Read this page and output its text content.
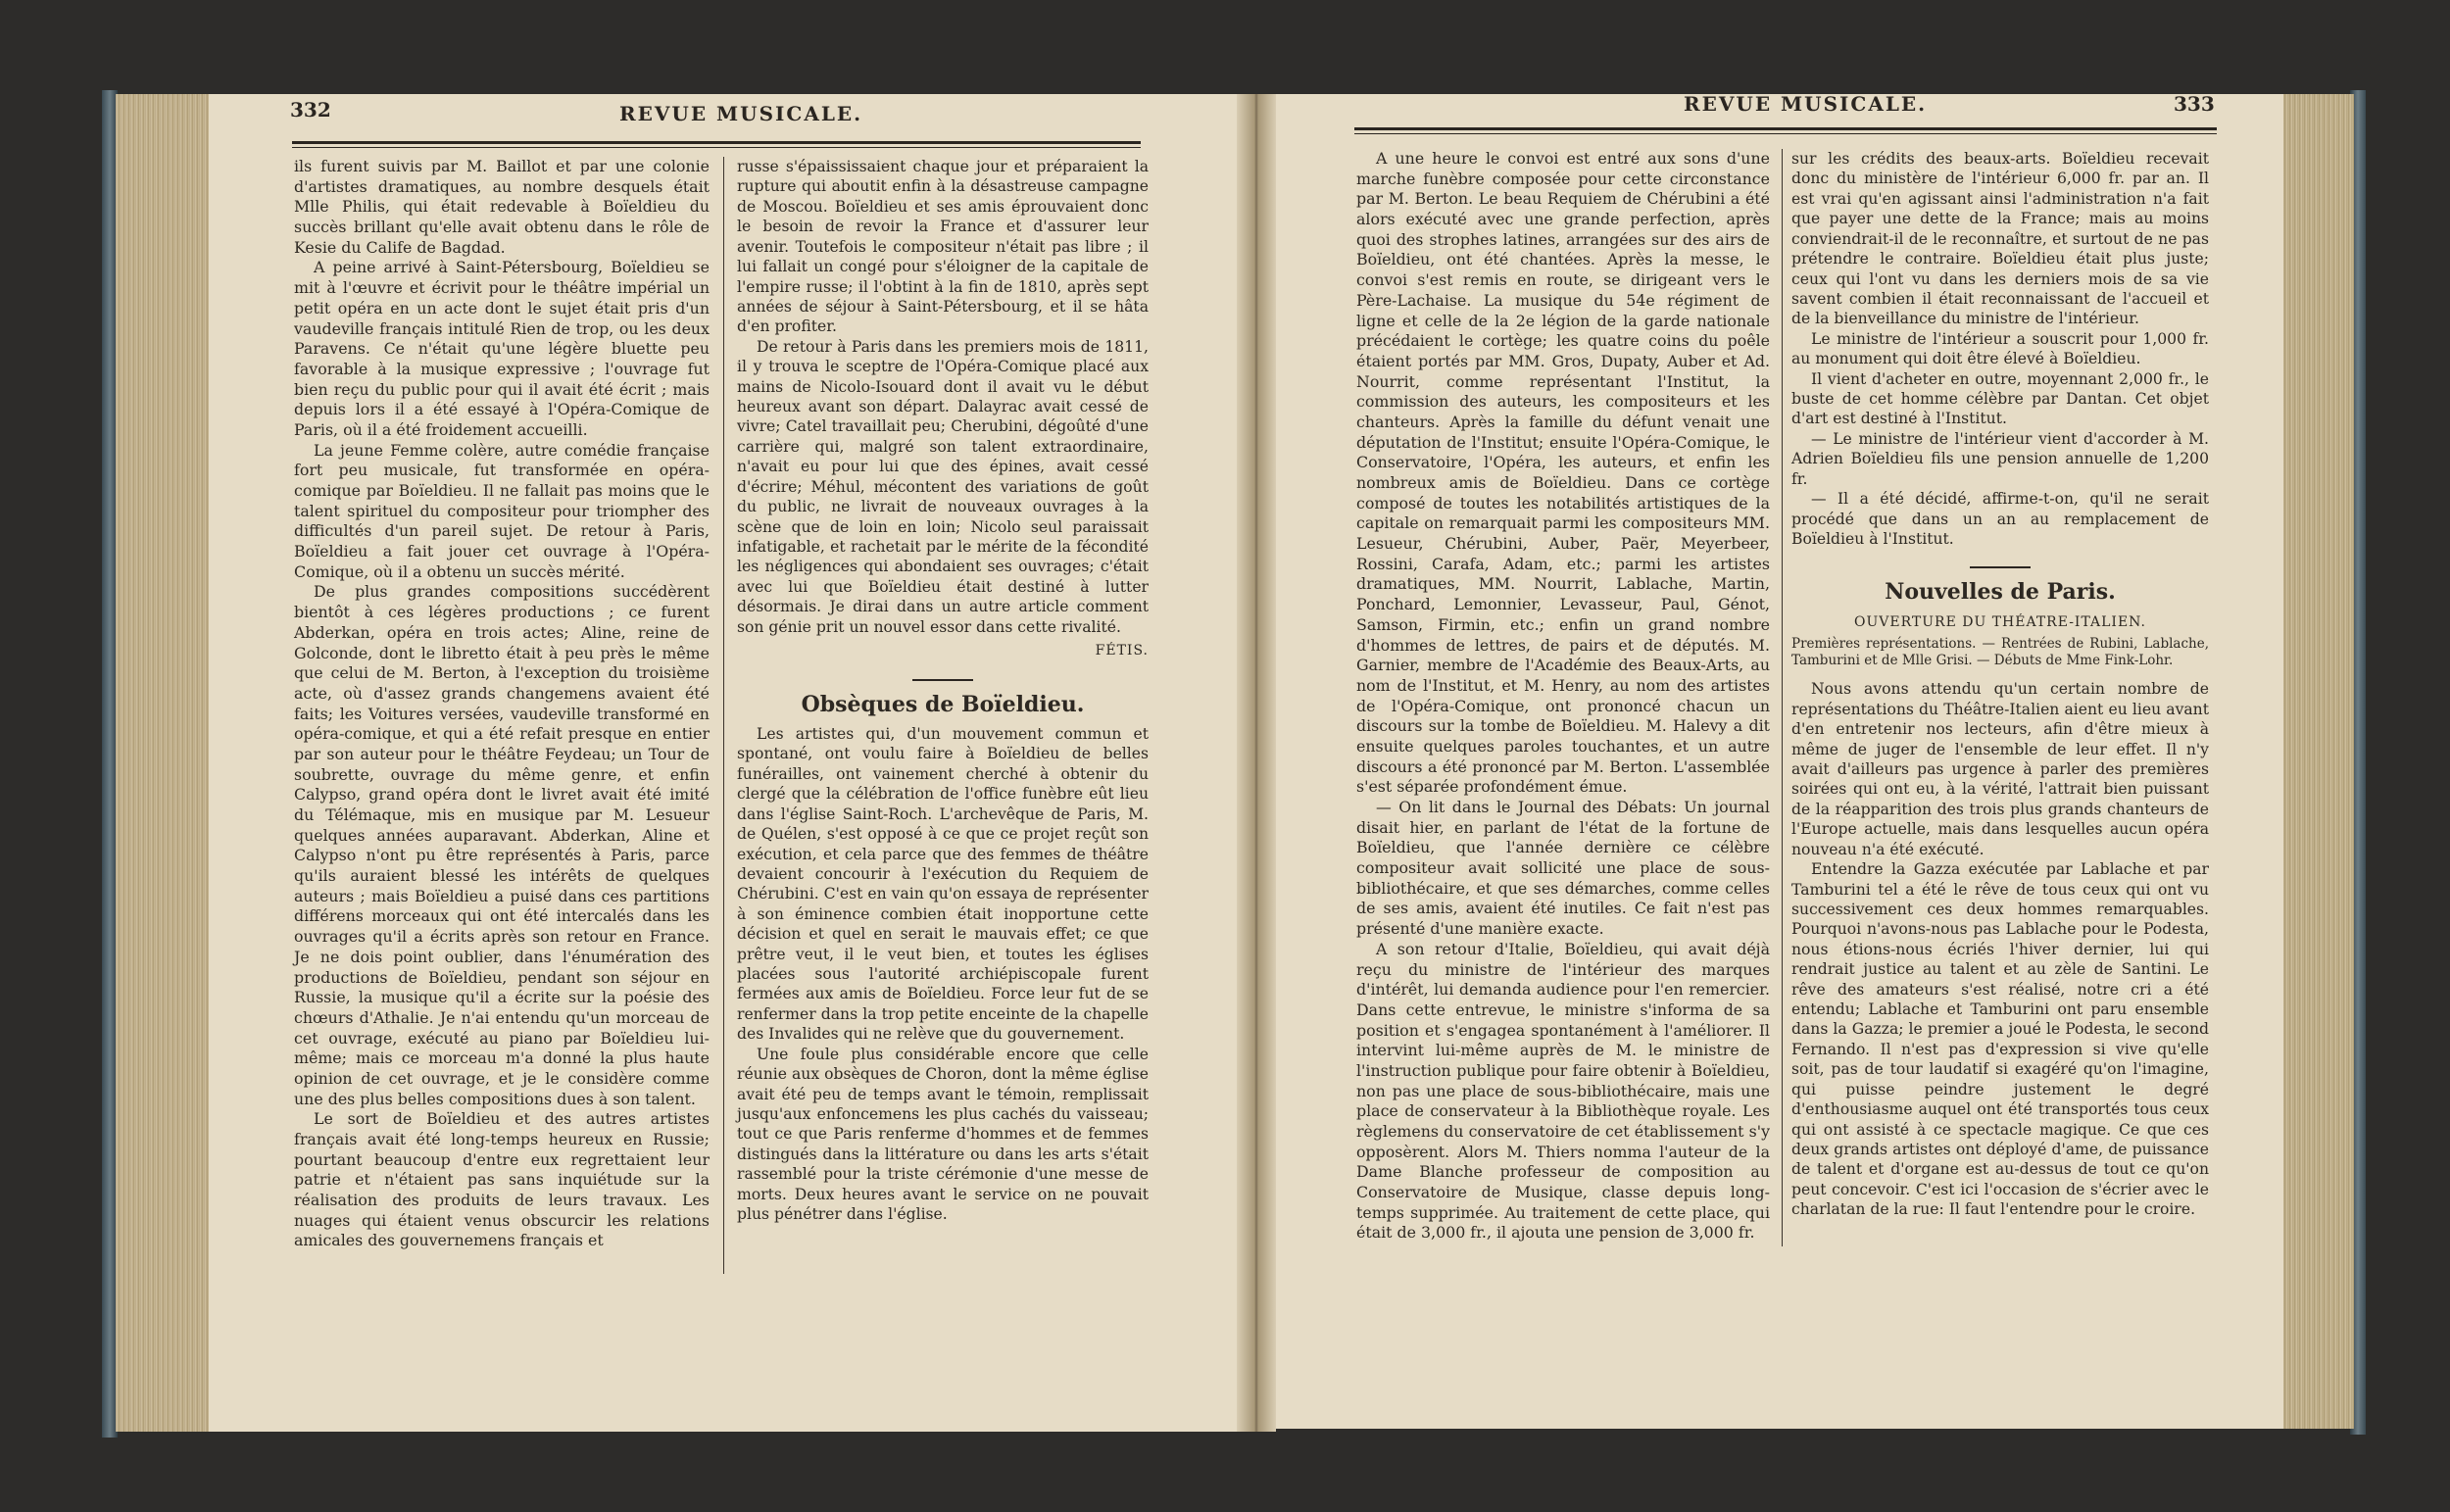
332	REVUE MUSICALE.

ils furent suivis par M. Baillot et par une colonie d'artistes dramatiques, au nombre desquels était Mlle Philis, qui était redevable à Boïeldieu du succès brillant qu'elle avait obtenu dans le rôle de Kesie du Calife de Bagdad.

A peine arrivé à Saint-Pétersbourg, Boïeldieu se mit à l'œuvre et écrivit pour le théâtre impérial un petit opéra en un acte dont le sujet était pris d'un vaudeville français intitulé Rien de trop, ou les deux Paravens. Ce n'était qu'une légère bluette peu favorable à la musique expressive ; l'ouvrage fut bien reçu du public pour qui il avait été écrit ; mais depuis lors il a été essayé à l'Opéra-Comique de Paris, où il a été froidement accueilli.

La jeune Femme colère, autre comédie française fort peu musicale, fut transformée en opéra-comique par Boïeldieu. Il ne fallait pas moins que le talent spirituel du compositeur pour triompher des difficultés d'un pareil sujet. De retour à Paris, Boïeldieu a fait jouer cet ouvrage à l'Opéra-Comique, où il a obtenu un succès mérité.

De plus grandes compositions succédèrent bientôt à ces légères productions ; ce furent Abderkan, opéra en trois actes; Aline, reine de Golconde, dont le libretto était à peu près le même que celui de M. Berton, à l'exception du troisième acte, où d'assez grands changemens avaient été faits; les Voitures versées, vaudeville transformé en opéra-comique, et qui a été refait presque en entier par son auteur pour le théâtre Feydeau; un Tour de soubrette, ouvrage du même genre, et enfin Calypso, grand opéra dont le livret avait été imité du Télémaque, mis en musique par M. Lesueur quelques années auparavant. Abderkan, Aline et Calypso n'ont pu être représentés à Paris, parce qu'ils auraient blessé les intérêts de quelques auteurs ; mais Boïeldieu a puisé dans ces partitions différens morceaux qui ont été intercalés dans les ouvrages qu'il a écrits après son retour en France. Je ne dois point oublier, dans l'énumération des productions de Boïeldieu, pendant son séjour en Russie, la musique qu'il a écrite sur la poésie des chœurs d'Athalie. Je n'ai entendu qu'un morceau de cet ouvrage, exécuté au piano par Boïeldieu lui-même; mais ce morceau m'a donné la plus haute opinion de cet ouvrage, et je le considère comme une des plus belles compositions dues à son talent.

Le sort de Boïeldieu et des autres artistes français avait été long-temps heureux en Russie; pourtant beaucoup d'entre eux regrettaient leur patrie et n'étaient pas sans inquiétude sur la réalisation des produits de leurs travaux. Les nuages qui étaient venus obscurcir les relations amicales des gouvernemens français et

russe s'épaississaient chaque jour et préparaient la rupture qui aboutit enfin à la désastreuse campagne de Moscou. Boïeldieu et ses amis éprouvaient donc le besoin de revoir la France et d'assurer leur avenir. Toutefois le compositeur n'était pas libre ; il lui fallait un congé pour s'éloigner de la capitale de l'empire russe; il l'obtint à la fin de 1810, après sept années de séjour à Saint-Pétersbourg, et il se hâta d'en profiter.

De retour à Paris dans les premiers mois de 1811, il y trouva le sceptre de l'Opéra-Comique placé aux mains de Nicolo-Isouard dont il avait vu le début heureux avant son départ. Dalayrac avait cessé de vivre; Catel travaillait peu; Cherubini, dégoûté d'une carrière qui, malgré son talent extraordinaire, n'avait eu pour lui que des épines, avait cessé d'écrire; Méhul, mécontent des variations de goût du public, ne livrait de nouveaux ouvrages à la scène que de loin en loin; Nicolo seul paraissait infatigable, et rachetait par le mérite de la fécondité les négligences qui abondaient ses ouvrages; c'était avec lui que Boïeldieu était destiné à lutter désormais. Je dirai dans un autre article comment son génie prit un nouvel essor dans cette rivalité.

FÉTIS.

Obsèques de Boïeldieu.

Les artistes qui, d'un mouvement commun et spontané, ont voulu faire à Boïeldieu de belles funérailles, ont vainement cherché à obtenir du clergé que la célébration de l'office funèbre eût lieu dans l'église Saint-Roch. L'archevêque de Paris, M. de Quélen, s'est opposé à ce que ce projet reçût son exécution, et cela parce que des femmes de théâtre devaient concourir à l'exécution du Requiem de Chérubini. C'est en vain qu'on essaya de représenter à son éminence combien était inopportune cette décision et quel en serait le mauvais effet; ce que prêtre veut, il le veut bien, et toutes les églises placées sous l'autorité archiépiscopale furent fermées aux amis de Boïeldieu. Force leur fut de se renfermer dans la trop petite enceinte de la chapelle des Invalides qui ne relève que du gouvernement.

Une foule plus considérable encore que celle réunie aux obsèques de Choron, dont la même église avait été peu de temps avant le témoin, remplissait jusqu'aux enfoncemens les plus cachés du vaisseau; tout ce que Paris renferme d'hommes et de femmes distingués dans la littérature ou dans les arts s'était rassemblé pour la triste cérémonie d'une messe de morts. Deux heures avant le service on ne pouvait plus pénétrer dans l'église.

REVUE MUSICALE.	333

A une heure le convoi est entré aux sons d'une marche funèbre composée pour cette circonstance par M. Berton. Le beau Requiem de Chérubini a été alors exécuté avec une grande perfection, après quoi des strophes latines, arrangées sur des airs de Boïeldieu, ont été chantées. Après la messe, le convoi s'est remis en route, se dirigeant vers le Père-Lachaise. La musique du 54e régiment de ligne et celle de la 2e légion de la garde nationale précédaient le cortège; les quatre coins du poêle étaient portés par MM. Gros, Dupaty, Auber et Ad. Nourrit, comme représentant l'Institut, la commission des auteurs, les compositeurs et les chanteurs. Après la famille du défunt venait une députation de l'Institut; ensuite l'Opéra-Comique, le Conservatoire, l'Opéra, les auteurs, et enfin les nombreux amis de Boïeldieu. Dans ce cortège composé de toutes les notabilités artistiques de la capitale on remarquait parmi les compositeurs MM. Lesueur, Chérubini, Auber, Paër, Meyerbeer, Rossini, Carafa, Adam, etc.; parmi les artistes dramatiques, MM. Nourrit, Lablache, Martin, Ponchard, Lemonnier, Levasseur, Paul, Génot, Samson, Firmin, etc.; enfin un grand nombre d'hommes de lettres, de pairs et de députés. M. Garnier, membre de l'Académie des Beaux-Arts, au nom de l'Institut, et M. Henry, au nom des artistes de l'Opéra-Comique, ont prononcé chacun un discours sur la tombe de Boïeldieu. M. Halevy a dit ensuite quelques paroles touchantes, et un autre discours a été prononcé par M. Berton. L'assemblée s'est séparée profondément émue.

— On lit dans le Journal des Débats: Un journal disait hier, en parlant de l'état de la fortune de Boïeldieu, que l'année dernière ce célèbre compositeur avait sollicité une place de sous-bibliothécaire, et que ses démarches, comme celles de ses amis, avaient été inutiles. Ce fait n'est pas présenté d'une manière exacte.

A son retour d'Italie, Boïeldieu, qui avait déjà reçu du ministre de l'intérieur des marques d'intérêt, lui demanda audience pour l'en remercier. Dans cette entrevue, le ministre s'informa de sa position et s'engagea spontanément à l'améliorer. Il intervint lui-même auprès de M. le ministre de l'instruction publique pour faire obtenir à Boïeldieu, non pas une place de sous-bibliothécaire, mais une place de conservateur à la Bibliothèque royale. Les règlemens du conservatoire de cet établissement s'y opposèrent. Alors M. Thiers nomma l'auteur de la Dame Blanche professeur de composition au Conservatoire de Musique, classe depuis long-temps supprimée. Au traitement de cette place, qui était de 3,000 fr., il ajouta une pension de 3,000 fr.

sur les crédits des beaux-arts. Boïeldieu recevait donc du ministère de l'intérieur 6,000 fr. par an. Il est vrai qu'en agissant ainsi l'administration n'a fait que payer une dette de la France; mais au moins conviendrait-il de le reconnaître, et surtout de ne pas prétendre le contraire. Boïeldieu était plus juste; ceux qui l'ont vu dans les derniers mois de sa vie savent combien il était reconnaissant de l'accueil et de la bienveillance du ministre de l'intérieur.

Le ministre de l'intérieur a souscrit pour 1,000 fr. au monument qui doit être élevé à Boïeldieu.

Il vient d'acheter en outre, moyennant 2,000 fr., le buste de cet homme célèbre par Dantan. Cet objet d'art est destiné à l'Institut.

— Le ministre de l'intérieur vient d'accorder à M. Adrien Boïeldieu fils une pension annuelle de 1,200 fr.

— Il a été décidé, affirme-t-on, qu'il ne serait procédé que dans un an au remplacement de Boïeldieu à l'Institut.

Nouvelles de Paris.
OUVERTURE DU THÉATRE-ITALIEN.

Premières représentations. — Rentrées de Rubini, Lablache, Tamburini et de Mlle Grisi. — Débuts de Mme Fink-Lohr.

Nous avons attendu qu'un certain nombre de représentations du Théâtre-Italien aient eu lieu avant d'en entretenir nos lecteurs, afin d'être mieux à même de juger de l'ensemble de leur effet. Il n'y avait d'ailleurs pas urgence à parler des premières soirées qui ont eu, à la vérité, l'attrait bien puissant de la réapparition des trois plus grands chanteurs de l'Europe actuelle, mais dans lesquelles aucun opéra nouveau n'a été exécuté.

Entendre la Gazza exécutée par Lablache et par Tamburini tel a été le rêve de tous ceux qui ont vu successivement ces deux hommes remarquables. Pourquoi n'avons-nous pas Lablache pour le Podesta, nous étions-nous écriés l'hiver dernier, lui qui rendrait justice au talent et au zèle de Santini. Le rêve des amateurs s'est réalisé, notre cri a été entendu; Lablache et Tamburini ont paru ensemble dans la Gazza; le premier a joué le Podesta, le second Fernando. Il n'est pas d'expression si vive qu'elle soit, pas de tour laudatif si exagéré qu'on l'imagine, qui puisse peindre justement le degré d'enthousiasme auquel ont été transportés tous ceux qui ont assisté à ce spectacle magique. Ce que ces deux grands artistes ont déployé d'ame, de puissance de talent et d'organe est au-dessus de tout ce qu'on peut concevoir. C'est ici l'occasion de s'écrier avec le charlatan de la rue: Il faut l'entendre pour le croire.
